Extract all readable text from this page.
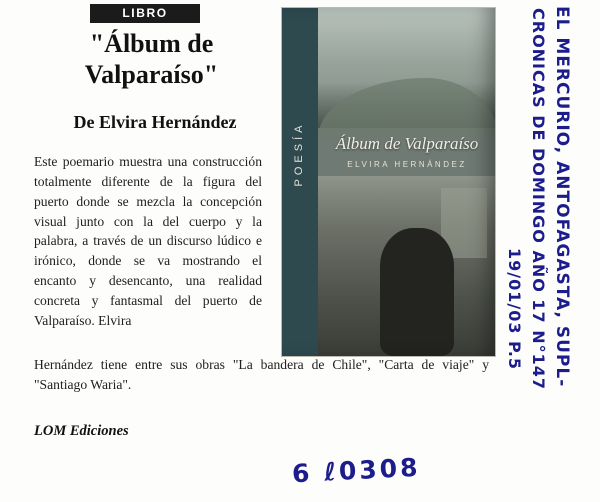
LIBRO
"Álbum de Valparaíso"
De Elvira Hernández
Este poemario muestra una construcción totalmente diferente de la figura del puerto donde se mezcla la concepción visual junto con la del cuerpo y la palabra, a través de un discurso lúdico e irónico, donde se va mostrando el encanto y desencanto, una realidad concreta y fantasmal del puerto de Valparaíso. Elvira
Hernández tiene entre sus obras "La bandera de Chile", "Carta de viaje" y "Santiago Waria".
LOM Ediciones
Álbum de Valparaíso
ELVIRA HERNÁNDEZ
POESÍA	EL MERCURIO, ANTOFAGASTA, SUPL-
CRONICAS DE DOMINGO AÑO 17 N°147
19/01/03 P.5
6 ℓ0308
